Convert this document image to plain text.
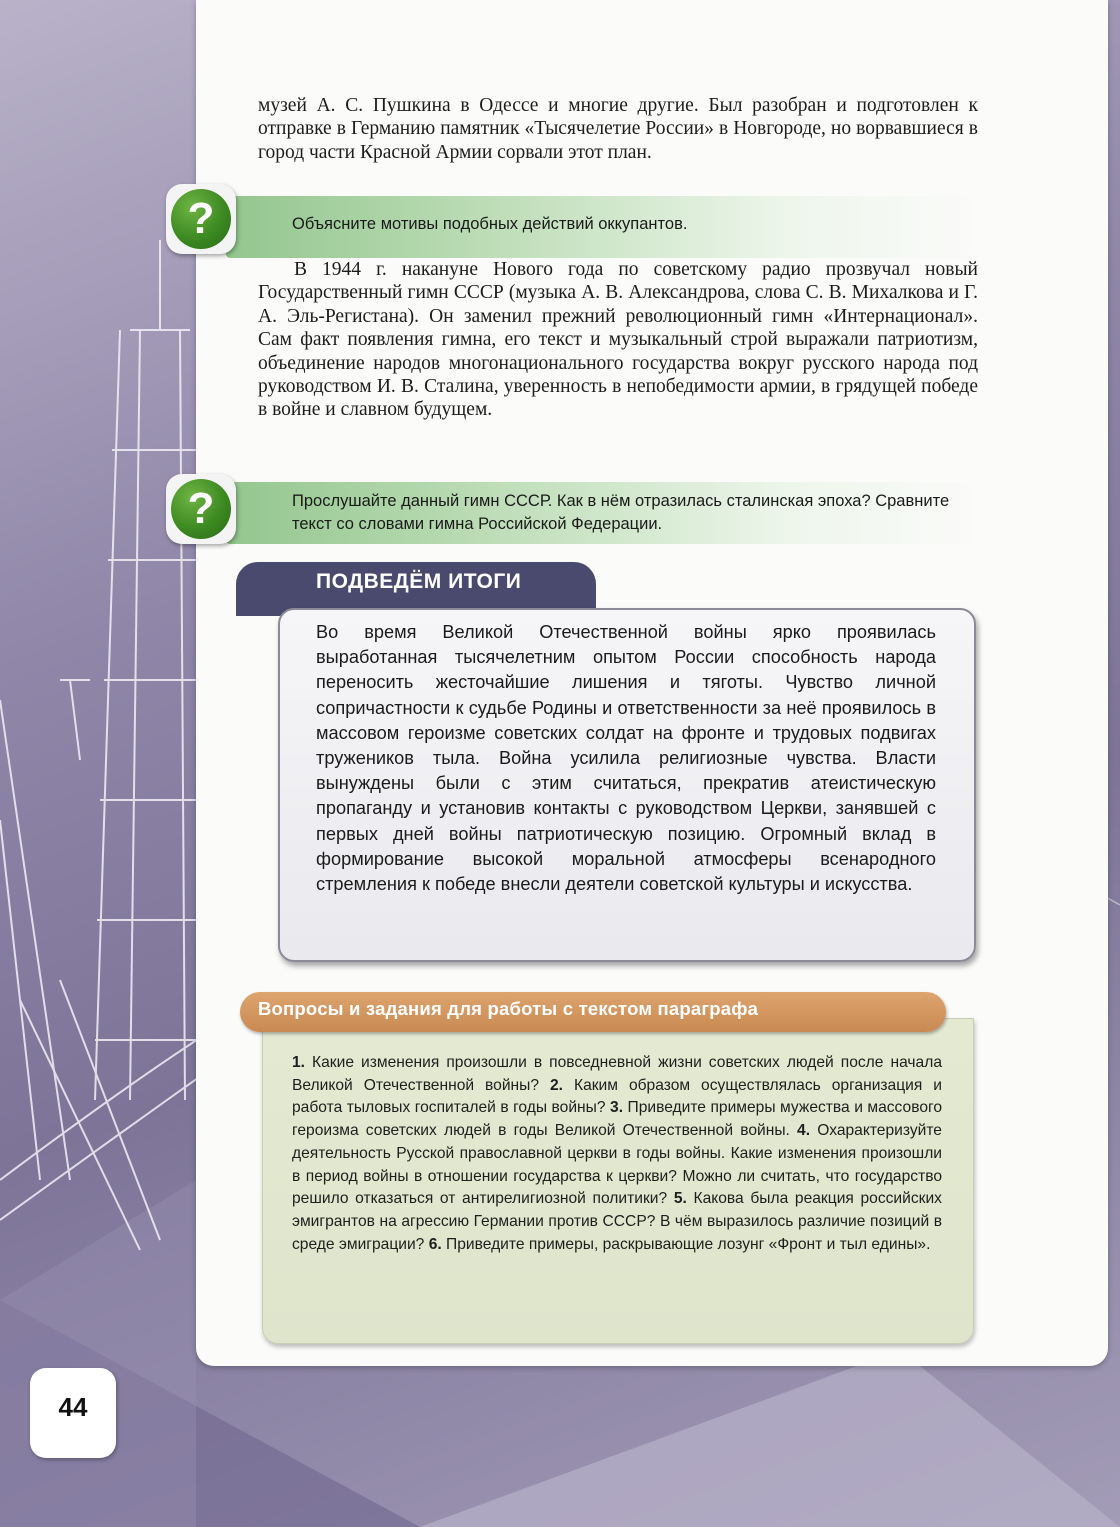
музей А. С. Пушкина в Одессе и многие другие. Был разобран и подготовлен к отправке в Германию памятник «Тысячелетие России» в Новгороде, но ворвавшиеся в город части Красной Армии сорвали этот план.

?	Объясните мотивы подобных действий оккупантов.

В 1944 г. накануне Нового года по советскому радио прозвучал новый Государственный гимн СССР (музыка А. В. Александрова, слова С. В. Михалкова и Г. А. Эль-Регистана). Он заменил прежний революционный гимн «Интернационал». Сам факт появления гимна, его текст и музыкальный строй выражали патриотизм, объединение народов многонационального государства вокруг русского народа под руководством И. В. Сталина, уверенность в непобедимости армии, в грядущей победе в войне и славном будущем.

?	Прослушайте данный гимн СССР. Как в нём отразилась сталинская эпоха? Сравните текст со словами гимна Российской Федерации.

ПОДВЕДЁМ ИТОГИ

Во время Великой Отечественной войны ярко проявилась выработанная тысячелетним опытом России способность народа переносить жесточайшие лишения и тяготы. Чувство личной сопричастности к судьбе Родины и ответственности за неё проявилось в массовом героизме советских солдат на фронте и трудовых подвигах тружеников тыла. Война усилила религиозные чувства. Власти вынуждены были с этим считаться, прекратив атеистическую пропаганду и установив контакты с руководством Церкви, занявшей с первых дней войны патриотическую позицию. Огромный вклад в формирование высокой моральной атмосферы всенародного стремления к победе внесли деятели советской культуры и искусства.

Вопросы и задания для работы с текстом параграфа

1. Какие изменения произошли в повседневной жизни советских людей после начала Великой Отечественной войны? 2. Каким образом осуществлялась организация и работа тыловых госпиталей в годы войны? 3. Приведите примеры мужества и массового героизма советских людей в годы Великой Отечественной войны. 4. Охарактеризуйте деятельность Русской православной церкви в годы войны. Какие изменения произошли в период войны в отношении государства к церкви? Можно ли считать, что государство решило отказаться от антирелигиозной политики? 5. Какова была реакция российских эмигрантов на агрессию Германии против СССР? В чём выразилось различие позиций в среде эмиграции? 6. Приведите примеры, раскрывающие лозунг «Фронт и тыл едины».

44
